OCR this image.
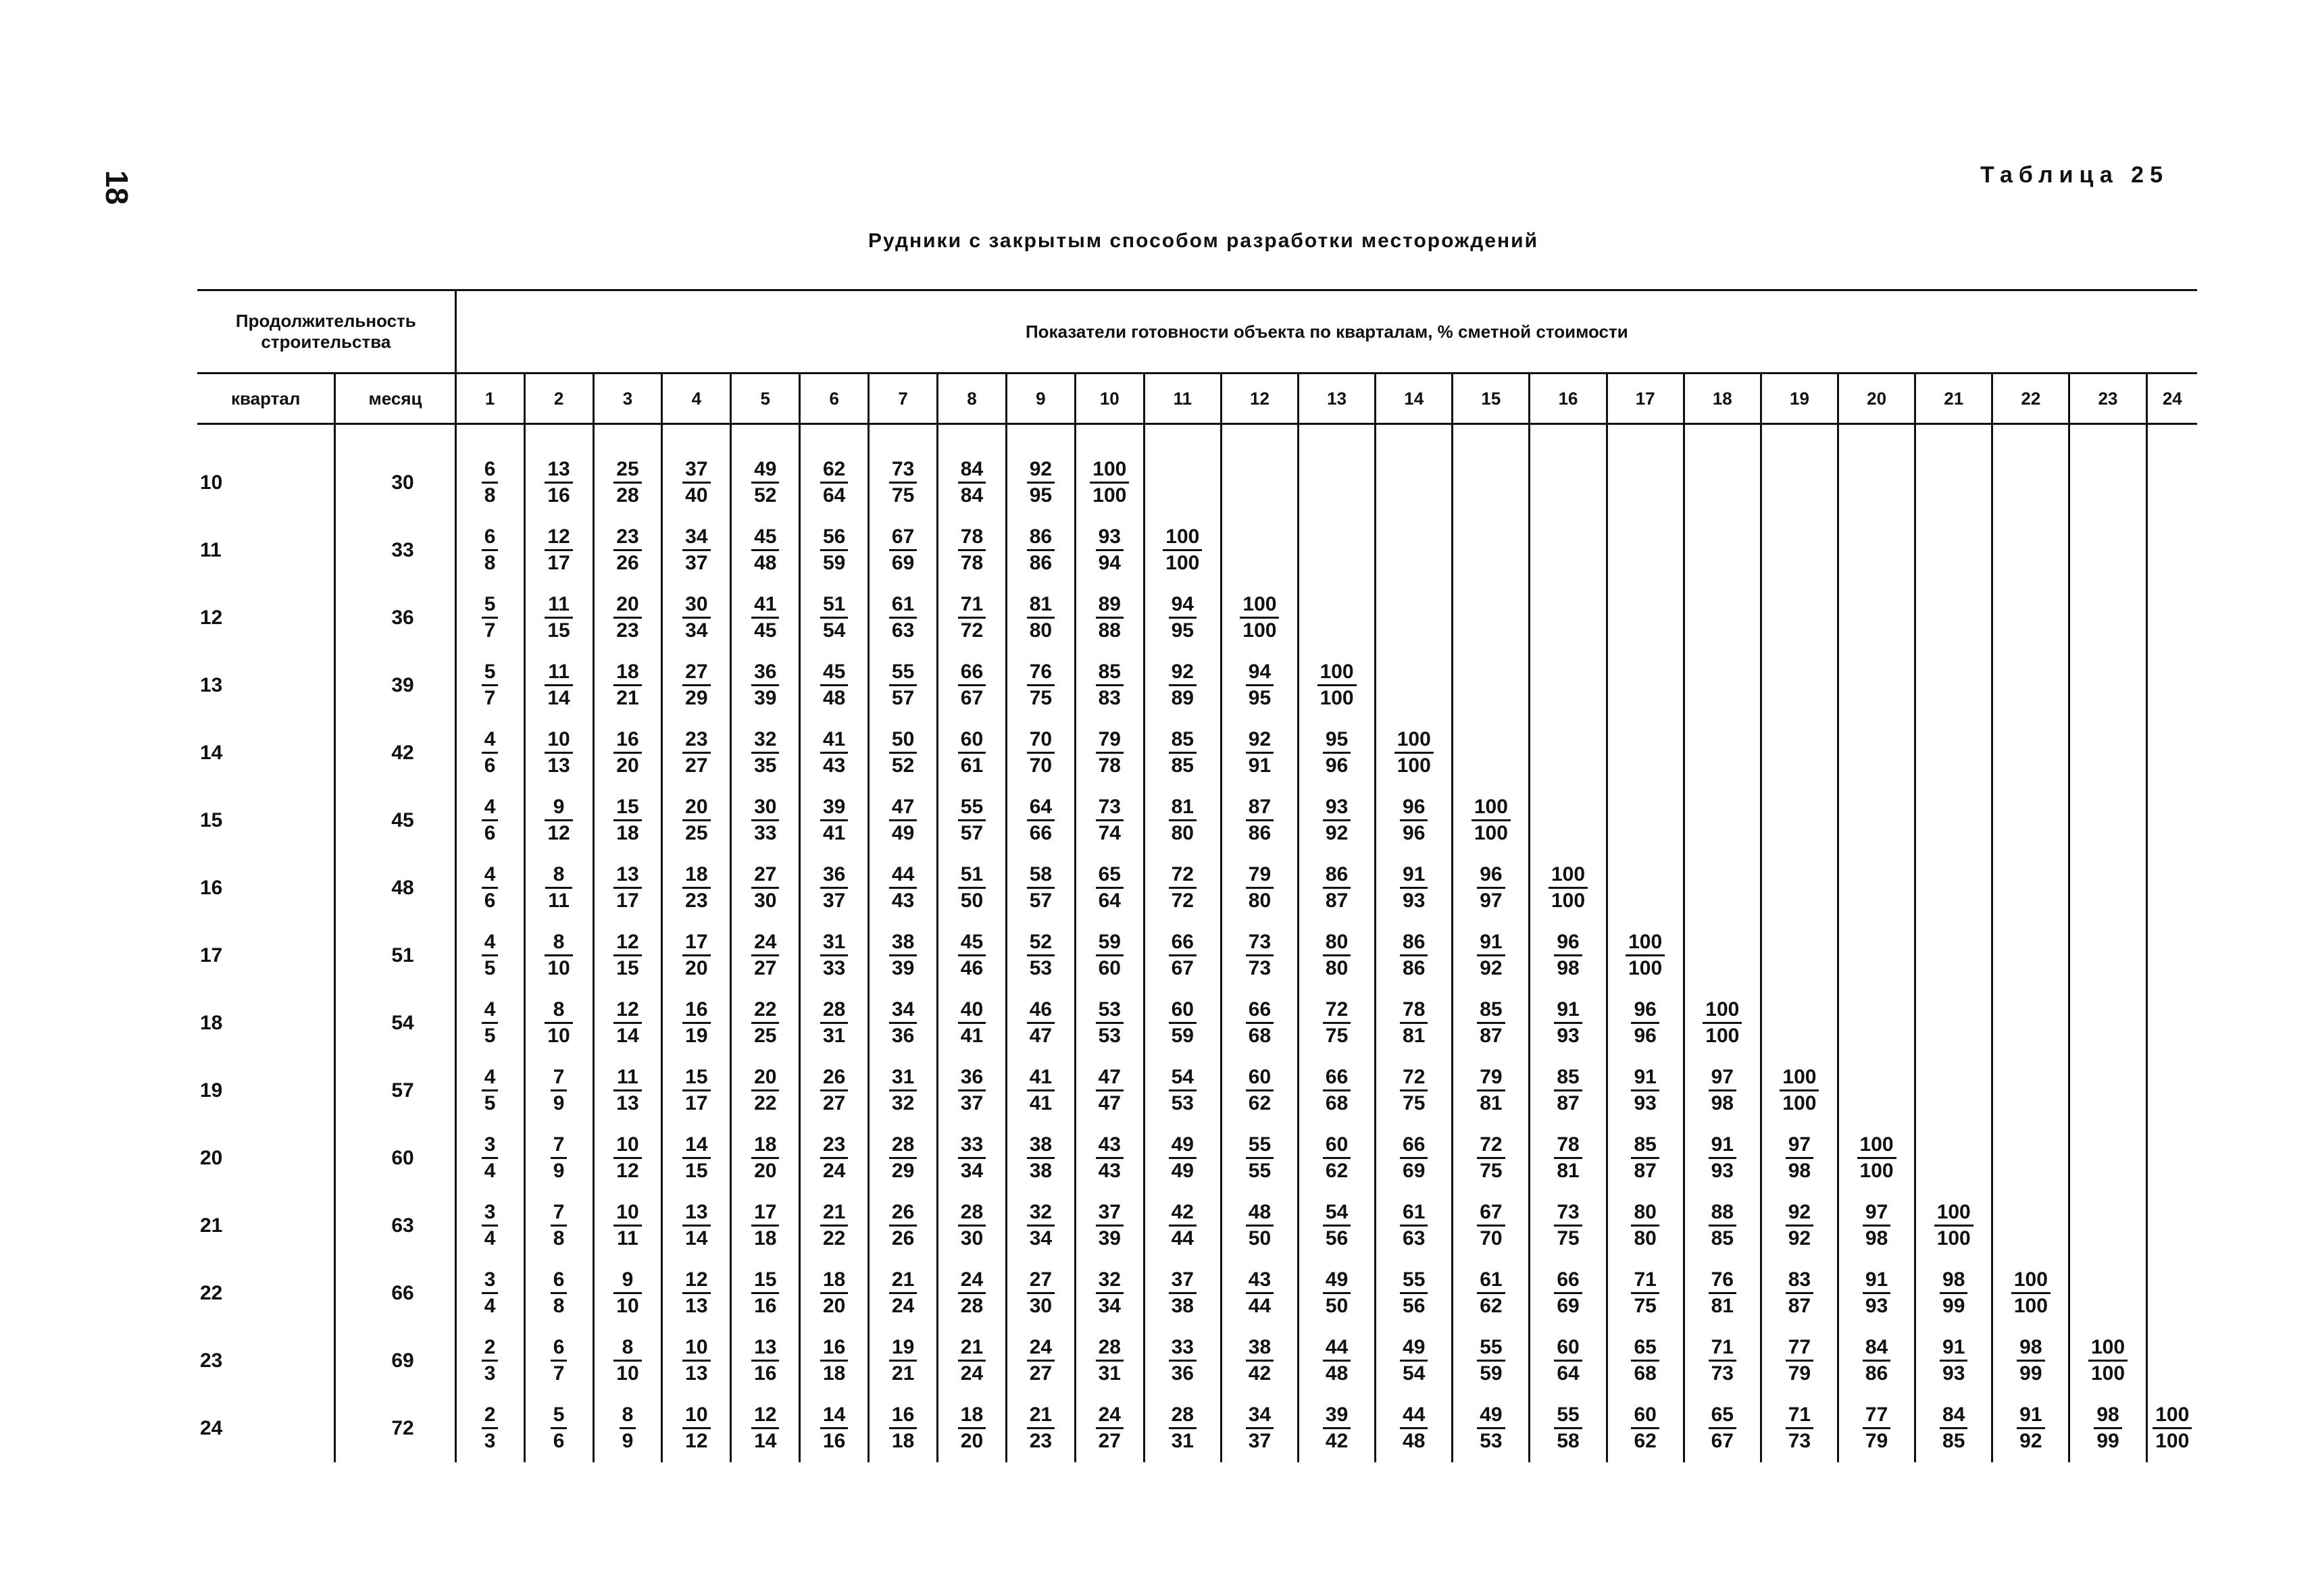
18	Таблица 25
Рудники с закрытым способом разработки месторождений
Продолжительность строительства		Показатели готовности объекта по кварталам, % сметной стоимости																							
квартал	месяц	1	2	3	4	5	6	7	8	9	10	11	12	13	14	15	16	17	18	19	20	21	22	23	24

10	30	$\frac{6}{8}$	$\frac{13}{16}$	$\frac{25}{28}$	$\frac{37}{40}$	$\frac{49}{52}$	$\frac{62}{64}$	$\frac{73}{75}$	$\frac{84}{84}$	$\frac{92}{95}$	$\frac{100}{100}$

11	33	$\frac{6}{8}$	$\frac{12}{17}$	$\frac{23}{26}$	$\frac{34}{37}$	$\frac{45}{48}$	$\frac{56}{59}$	$\frac{67}{69}$	$\frac{78}{78}$	$\frac{86}{86}$	$\frac{93}{94}$	$\frac{100}{100}$

12	36	$\frac{5}{7}$	$\frac{11}{15}$	$\frac{20}{23}$	$\frac{30}{34}$	$\frac{41}{45}$	$\frac{51}{54}$	$\frac{61}{63}$	$\frac{71}{72}$	$\frac{81}{80}$	$\frac{89}{88}$	$\frac{94}{95}$	$\frac{100}{100}$

13	39	$\frac{5}{7}$	$\frac{11}{14}$	$\frac{18}{21}$	$\frac{27}{29}$	$\frac{36}{39}$	$\frac{45}{48}$	$\frac{55}{57}$	$\frac{66}{67}$	$\frac{76}{75}$	$\frac{85}{83}$	$\frac{92}{89}$	$\frac{94}{95}$	$\frac{100}{100}$

14	42	$\frac{4}{6}$	$\frac{10}{13}$	$\frac{16}{20}$	$\frac{23}{27}$	$\frac{32}{35}$	$\frac{41}{43}$	$\frac{50}{52}$	$\frac{60}{61}$	$\frac{70}{70}$	$\frac{79}{78}$	$\frac{85}{85}$	$\frac{92}{91}$	$\frac{95}{96}$	$\frac{100}{100}$

15	45	$\frac{4}{6}$	$\frac{9}{12}$	$\frac{15}{18}$	$\frac{20}{25}$	$\frac{30}{33}$	$\frac{39}{41}$	$\frac{47}{49}$	$\frac{55}{57}$	$\frac{64}{66}$	$\frac{73}{74}$	$\frac{81}{80}$	$\frac{87}{86}$	$\frac{93}{92}$	$\frac{96}{96}$	$\frac{100}{100}$

16	48	$\frac{4}{6}$	$\frac{8}{11}$	$\frac{13}{17}$	$\frac{18}{23}$	$\frac{27}{30}$	$\frac{36}{37}$	$\frac{44}{43}$	$\frac{51}{50}$	$\frac{58}{57}$	$\frac{65}{64}$	$\frac{72}{72}$	$\frac{79}{80}$	$\frac{86}{87}$	$\frac{91}{93}$	$\frac{96}{97}$	$\frac{100}{100}$

17	51	$\frac{4}{5}$	$\frac{8}{10}$	$\frac{12}{15}$	$\frac{17}{20}$	$\frac{24}{27}$	$\frac{31}{33}$	$\frac{38}{39}$	$\frac{45}{46}$	$\frac{52}{53}$	$\frac{59}{60}$	$\frac{66}{67}$	$\frac{73}{73}$	$\frac{80}{80}$	$\frac{86}{86}$	$\frac{91}{92}$	$\frac{96}{98}$	$\frac{100}{100}$

18	54	$\frac{4}{5}$	$\frac{8}{10}$	$\frac{12}{14}$	$\frac{16}{19}$	$\frac{22}{25}$	$\frac{28}{31}$	$\frac{34}{36}$	$\frac{40}{41}$	$\frac{46}{47}$	$\frac{53}{53}$	$\frac{60}{59}$	$\frac{66}{68}$	$\frac{72}{75}$	$\frac{78}{81}$	$\frac{85}{87}$	$\frac{91}{93}$	$\frac{96}{96}$	$\frac{100}{100}$

19	57	$\frac{4}{5}$	$\frac{7}{9}$	$\frac{11}{13}$	$\frac{15}{17}$	$\frac{20}{22}$	$\frac{26}{27}$	$\frac{31}{32}$	$\frac{36}{37}$	$\frac{41}{41}$	$\frac{47}{47}$	$\frac{54}{53}$	$\frac{60}{62}$	$\frac{66}{68}$	$\frac{72}{75}$	$\frac{79}{81}$	$\frac{85}{87}$	$\frac{91}{93}$	$\frac{97}{98}$	$\frac{100}{100}$

20	60	$\frac{3}{4}$	$\frac{7}{9}$	$\frac{10}{12}$	$\frac{14}{15}$	$\frac{18}{20}$	$\frac{23}{24}$	$\frac{28}{29}$	$\frac{33}{34}$	$\frac{38}{38}$	$\frac{43}{43}$	$\frac{49}{49}$	$\frac{55}{55}$	$\frac{60}{62}$	$\frac{66}{69}$	$\frac{72}{75}$	$\frac{78}{81}$	$\frac{85}{87}$	$\frac{91}{93}$	$\frac{97}{98}$	$\frac{100}{100}$

21	63	$\frac{3}{4}$	$\frac{7}{8}$	$\frac{10}{11}$	$\frac{13}{14}$	$\frac{17}{18}$	$\frac{21}{22}$	$\frac{26}{26}$	$\frac{28}{30}$	$\frac{32}{34}$	$\frac{37}{39}$	$\frac{42}{44}$	$\frac{48}{50}$	$\frac{54}{56}$	$\frac{61}{63}$	$\frac{67}{70}$	$\frac{73}{75}$	$\frac{80}{80}$	$\frac{88}{85}$	$\frac{92}{92}$	$\frac{97}{98}$	$\frac{100}{100}$

22	66	$\frac{3}{4}$	$\frac{6}{8}$	$\frac{9}{10}$	$\frac{12}{13}$	$\frac{15}{16}$	$\frac{18}{20}$	$\frac{21}{24}$	$\frac{24}{28}$	$\frac{27}{30}$	$\frac{32}{34}$	$\frac{37}{38}$	$\frac{43}{44}$	$\frac{49}{50}$	$\frac{55}{56}$	$\frac{61}{62}$	$\frac{66}{69}$	$\frac{71}{75}$	$\frac{76}{81}$	$\frac{83}{87}$	$\frac{91}{93}$	$\frac{98}{99}$	$\frac{100}{100}$

23	69	$\frac{2}{3}$	$\frac{6}{7}$	$\frac{8}{10}$	$\frac{10}{13}$	$\frac{13}{16}$	$\frac{16}{18}$	$\frac{19}{21}$	$\frac{21}{24}$	$\frac{24}{27}$	$\frac{28}{31}$	$\frac{33}{36}$	$\frac{38}{42}$	$\frac{44}{48}$	$\frac{49}{54}$	$\frac{55}{59}$	$\frac{60}{64}$	$\frac{65}{68}$	$\frac{71}{73}$	$\frac{77}{79}$	$\frac{84}{86}$	$\frac{91}{93}$	$\frac{98}{99}$	$\frac{100}{100}$

24	72	$\frac{2}{3}$	$\frac{5}{6}$	$\frac{8}{9}$	$\frac{10}{12}$	$\frac{12}{14}$	$\frac{14}{16}$	$\frac{16}{18}$	$\frac{18}{20}$	$\frac{21}{23}$	$\frac{24}{27}$	$\frac{28}{31}$	$\frac{34}{37}$	$\frac{39}{42}$	$\frac{44}{48}$	$\frac{49}{53}$	$\frac{55}{58}$	$\frac{60}{62}$	$\frac{65}{67}$	$\frac{71}{73}$	$\frac{77}{79}$	$\frac{84}{85}$	$\frac{91}{92}$	$\frac{98}{99}$	$\frac{100}{100}$
